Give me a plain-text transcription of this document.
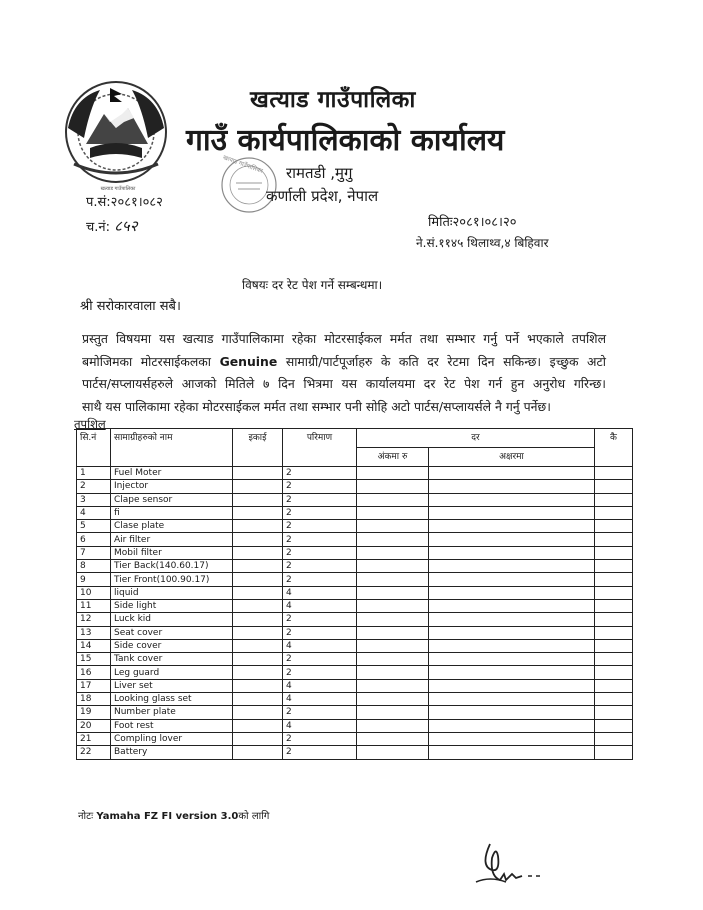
खत्याड गाउँपालिका
खत्याड गाउँपालिका
गाउँ कार्यपालिकाको कार्यालय
खत्याड गाउँपालिका रामतडी ,मुगु
कर्णाली प्रदेश, नेपाल
प.सं:२०८१।०८२
च.नं: ८५२	मितिः२०८१।०८।२०
ने.सं.११४५ थिलाथ्व,४ बिहिवार
विषयः दर रेट पेश गर्ने सम्बन्धमा।
श्री सरोकारवाला सबै।

प्रस्तुत विषयमा यस खत्याड गाउँपालिकामा रहेका मोटरसाईकल मर्मत तथा सम्भार गर्नु पर्ने भएकाले तपशिल

बमोजिमका मोटरसाईकलका Genuine सामाग्री/पार्टपूर्जाहरु के कति दर रेटमा दिन सकिन्छ। इच्छुक अटो

पार्टस/सप्लायर्सहरुले आजको मितिले ७ दिन भित्रमा यस कार्यालयमा दर रेट पेश गर्न हुन अनुरोध गरिन्छ।

साथै यस पालिकामा रहेका मोटरसाईकल मर्मत तथा सम्भार पनी सोहि अटो पार्टस/सप्लायर्सले नै गर्नु पर्नेछ।

तपशिल
सि.नं	सामाग्रीहरुको नाम	इकाई	परिमाण	दर		कै
				अंकमा रु	अक्षरमा	
1	Fuel Moter		2			
2	Injector		2			
3	Clape sensor		2			
4	fi		2			
5	Clase plate		2			
6	Air filter		2			
7	Mobil filter		2			
8	Tier Back(140.60.17)		2			
9	Tier Front(100.90.17)		2			
10	liquid		4			
11	Side light		4			
12	Luck kid		2			
13	Seat cover		2			
14	Side cover		4			
15	Tank cover		2			
16	Leg guard		2			
17	Liver set		4			
18	Looking glass set		4			
19	Number plate		2			
20	Foot rest		4			
21	Compling lover		2			
22	Battery		2			
नोटः Yamaha FZ FI version 3.0को लागि
